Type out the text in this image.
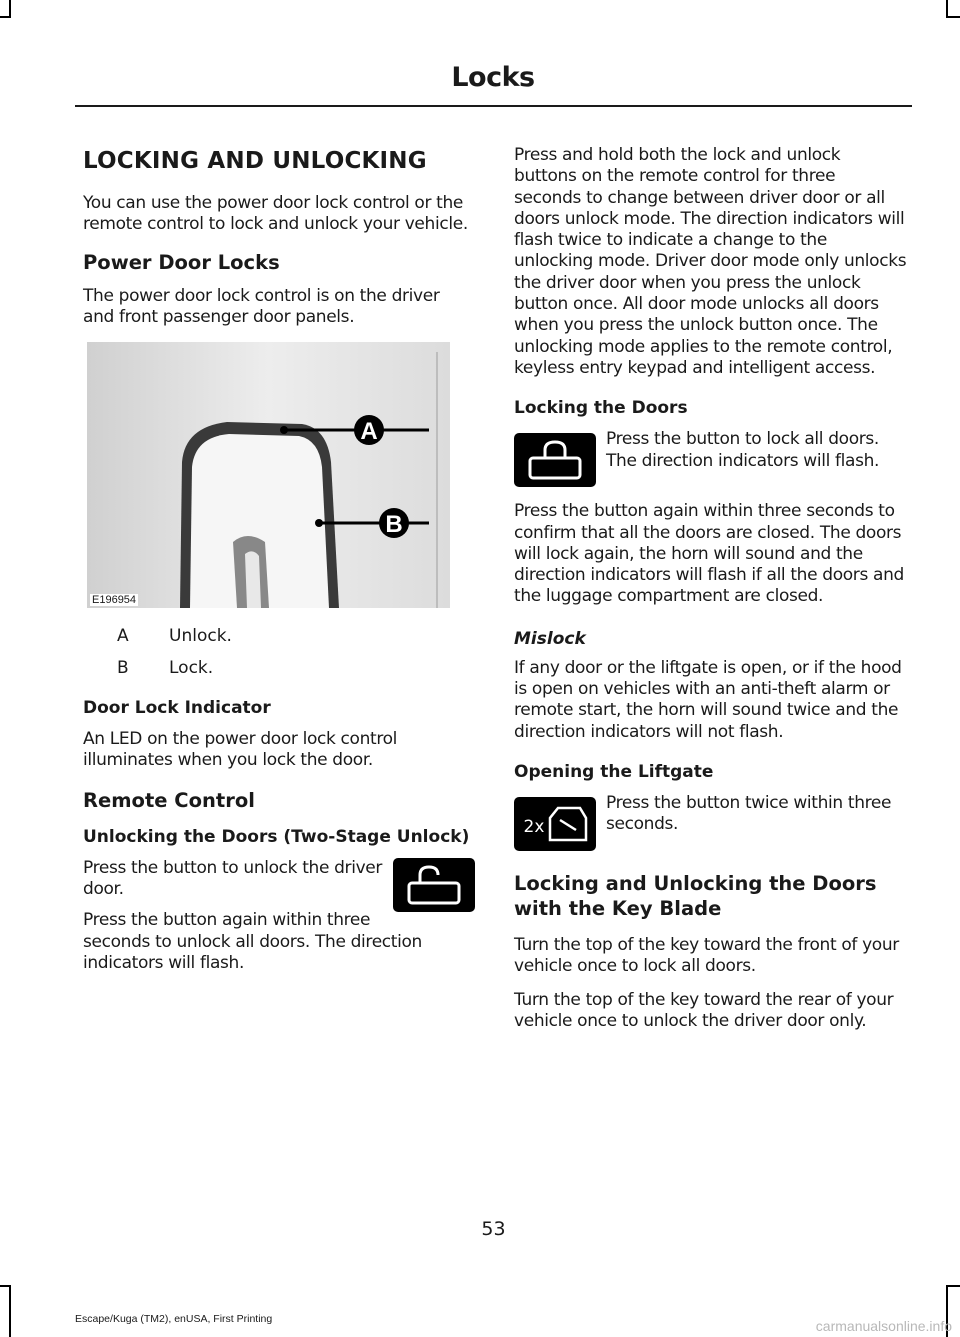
Locks
LOCKING AND UNLOCKING

You can use the power door lock control or the remote control to lock and unlock your vehicle.

Power Door Locks

The power door lock control is on the driver and front passenger door panels.

A
B
E196954
A	Unlock.
B	Lock.
Door Lock Indicator

An LED on the power door lock control illuminates when you lock the door.

Remote Control
Unlocking the Doors (Two-Stage Unlock)

Press the button to unlock the driver door.

Press the button again within three seconds to unlock all doors. The direction indicators will flash.

Press and hold both the lock and unlock buttons on the remote control for three seconds to change between driver door or all doors unlock mode. The direction indicators will flash twice to indicate a change to the unlocking mode. Driver door mode only unlocks the driver door when you press the unlock button once. All door mode unlocks all doors when you press the unlock button once. The unlocking mode applies to the remote control, keyless entry keypad and intelligent access.

Locking the Doors

Press the button to lock all doors. The direction indicators will flash.

Press the button again within three seconds to confirm that all the doors are closed. The doors will lock again, the horn will sound and the direction indicators will flash if all the doors and the luggage compartment are closed.

Mislock

If any door or the liftgate is open, or if the hood is open on vehicles with an anti-theft alarm or remote start, the horn will sound twice and the direction indicators will not flash.

Opening the Liftgate
2x

Press the button twice within three seconds.

Locking and Unlocking the Doors with the Key Blade

Turn the top of the key toward the front of your vehicle once to lock all doors.

Turn the top of the key toward the rear of your vehicle once to unlock the driver door only.

53
Escape/Kuga (TM2), enUSA, First Printing	carmanualsonline.info
